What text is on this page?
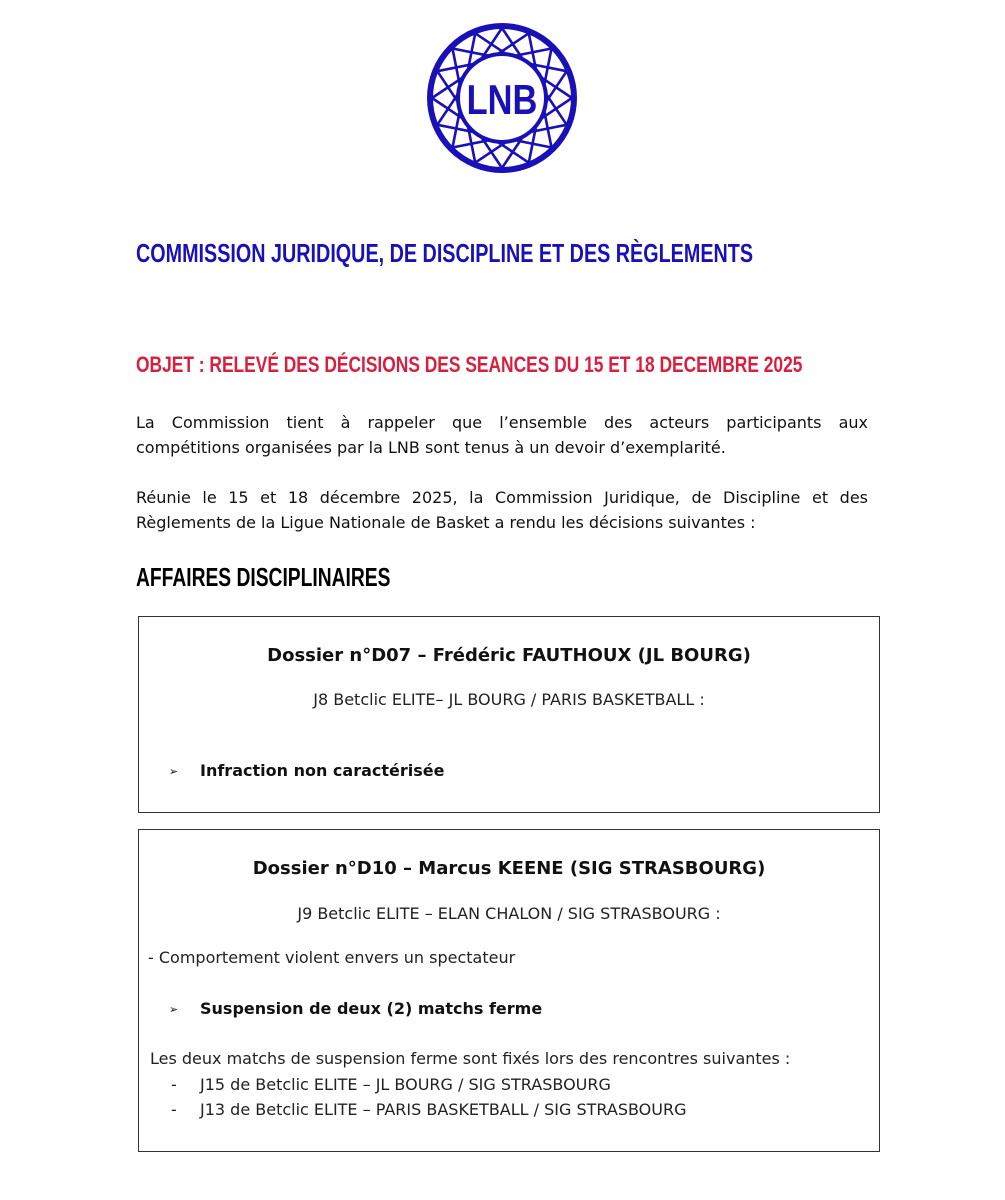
LNB
COMMISSION JURIDIQUE, DE DISCIPLINE ET DES RÈGLEMENTS
OBJET : RELEVÉ DES DÉCISIONS DES SEANCES DU 15 ET 18 DECEMBRE 2025
La Commission tient à rappeler que l’ensemble des acteurs participants aux
compétitions organisées par la LNB sont tenus à un devoir d’exemplarité.
Réunie le 15 et 18 décembre 2025, la Commission Juridique, de Discipline et des
Règlements de la Ligue Nationale de Basket a rendu les décisions suivantes :
AFFAIRES DISCIPLINAIRES
Dossier n°D07 – Frédéric FAUTHOUX (JL BOURG)
J8 Betclic ELITE– JL BOURG / PARIS BASKETBALL :
➢ Infraction non caractérisée
Dossier n°D10 – Marcus KEENE (SIG STRASBOURG)
J9 Betclic ELITE – ELAN CHALON / SIG STRASBOURG :
- Comportement violent envers un spectateur
➢ Suspension de deux (2) matchs ferme
Les deux matchs de suspension ferme sont fixés lors des rencontres suivantes :
- J15 de Betclic ELITE – JL BOURG / SIG STRASBOURG
- J13 de Betclic ELITE – PARIS BASKETBALL / SIG STRASBOURG
